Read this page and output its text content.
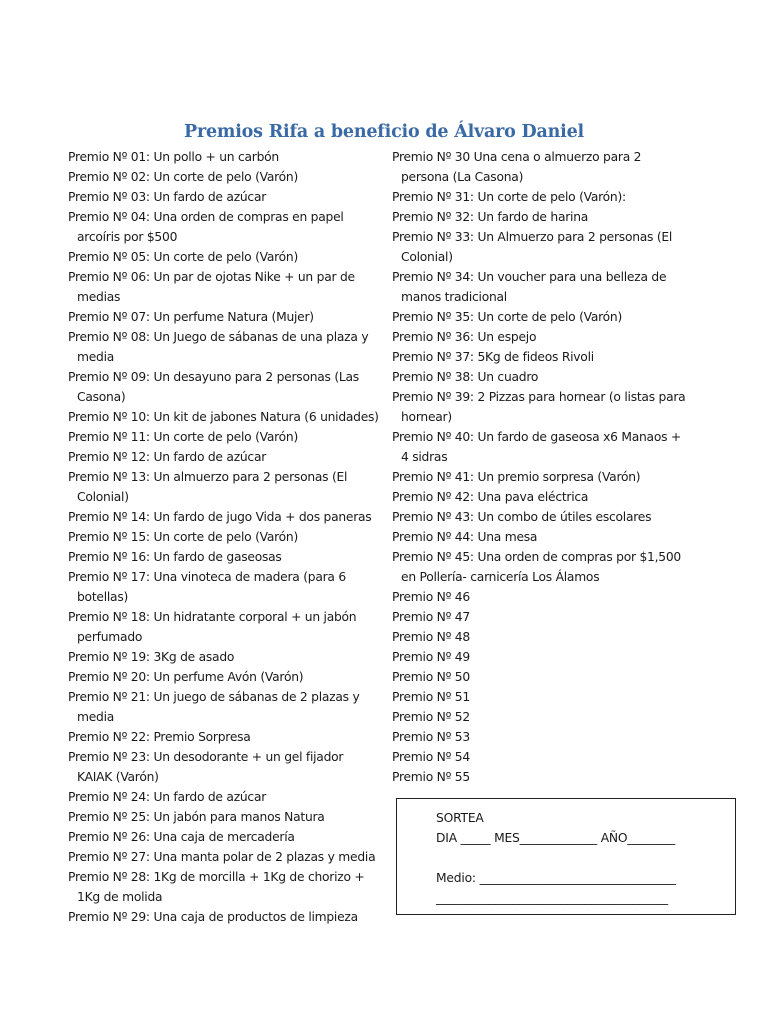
Premios Rifa a beneficio de Álvaro Daniel
Premio Nº 01: Un pollo + un carbón
Premio Nº 02: Un corte de pelo (Varón)
Premio Nº 03: Un fardo de azúcar
Premio Nº 04: Una orden de compras en papel arcoíris por $500
Premio Nº 05: Un corte de pelo (Varón)
Premio Nº 06: Un par de ojotas Nike + un par de medias
Premio Nº 07: Un perfume Natura (Mujer)
Premio Nº 08: Un Juego de sábanas de una plaza y media
Premio Nº 09: Un desayuno para 2 personas (Las Casona)
Premio Nº 10: Un kit de jabones Natura (6 unidades)
Premio Nº 11: Un corte de pelo (Varón)
Premio Nº 12: Un fardo de azúcar
Premio Nº 13: Un almuerzo para 2 personas (El Colonial)
Premio Nº 14: Un fardo de jugo Vida + dos paneras
Premio Nº 15: Un corte de pelo (Varón)
Premio Nº 16: Un fardo de gaseosas
Premio Nº 17: Una vinoteca de madera (para 6 botellas)
Premio Nº 18: Un hidratante corporal + un jabón perfumado
Premio Nº 19: 3Kg de asado
Premio Nº 20: Un perfume Avón (Varón)
Premio Nº 21: Un juego de sábanas de 2 plazas y media
Premio Nº 22: Premio Sorpresa
Premio Nº 23: Un desodorante + un gel fijador KAIAK (Varón)
Premio Nº 24: Un fardo de azúcar
Premio Nº 25: Un jabón para manos Natura
Premio Nº 26: Una caja de mercadería
Premio Nº 27: Una manta polar de 2 plazas y media
Premio Nº 28: 1Kg de morcilla + 1Kg de chorizo + 1Kg de molida
Premio Nº 29: Una caja de productos de limpieza
Premio Nº 30 Una cena o almuerzo para 2 persona (La Casona)
Premio Nº 31: Un corte de pelo (Varón):
Premio Nº 32: Un fardo de harina
Premio Nº 33: Un Almuerzo para 2 personas (El Colonial)
Premio Nº 34: Un voucher para una belleza de manos tradicional
Premio Nº 35: Un corte de pelo (Varón)
Premio Nº 36: Un espejo
Premio Nº 37: 5Kg de fideos Rivoli
Premio Nº 38: Un cuadro
Premio Nº 39: 2 Pizzas para hornear (o listas para hornear)
Premio Nº 40: Un fardo de gaseosa x6 Manaos + 4 sidras
Premio Nº 41: Un premio sorpresa (Varón)
Premio Nº 42: Una pava eléctrica
Premio Nº 43: Un combo de útiles escolares
Premio Nº 44: Una mesa
Premio Nº 45: Una orden de compras por $1,500 en Pollería- carnicería Los Álamos
Premio Nº 46
Premio Nº 47
Premio Nº 48
Premio Nº 49
Premio Nº 50
Premio Nº 51
Premio Nº 52
Premio Nº 53
Premio Nº 54
Premio Nº 55
SORTEA
DIA _____ MES_____________ AÑO________
Medio: _________________________________
_______________________________________
